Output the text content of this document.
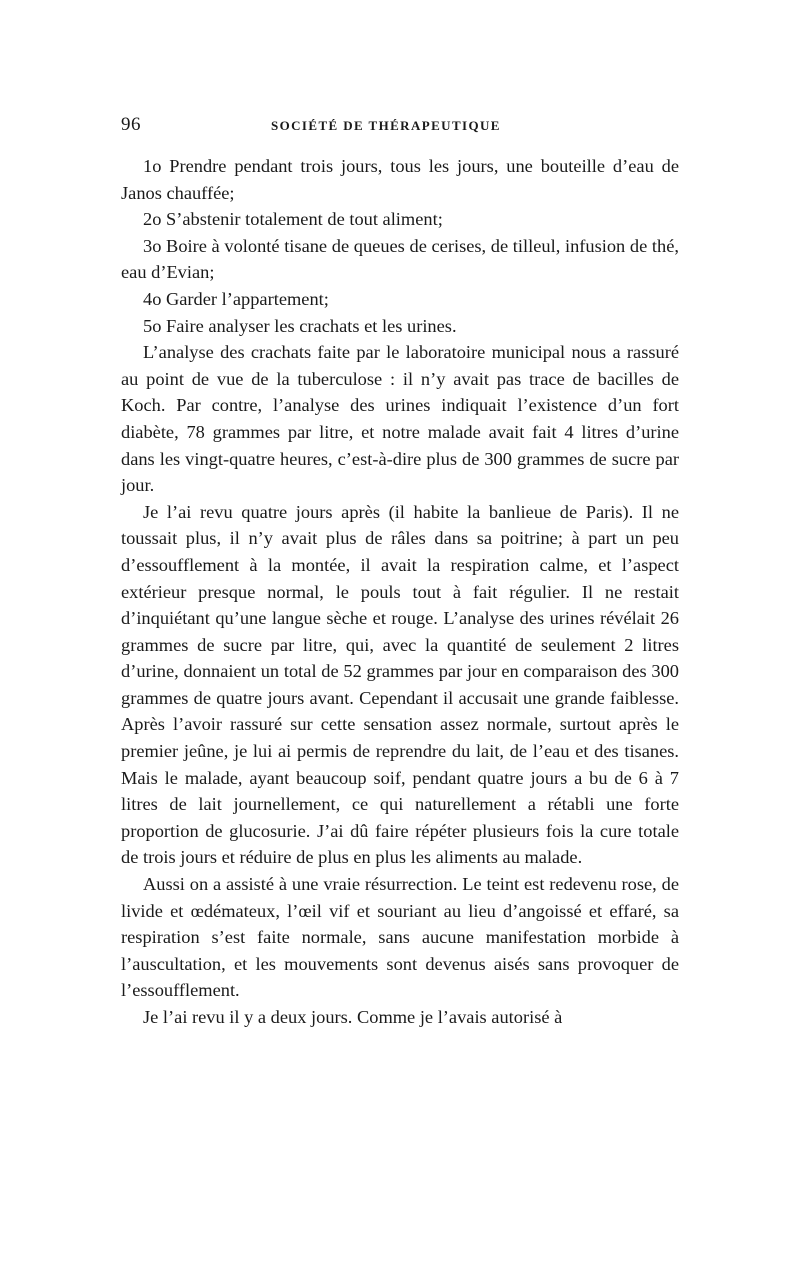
96	SOCIÉTÉ DE THÉRAPEUTIQUE

1o Prendre pendant trois jours, tous les jours, une bouteille d’eau de Janos chauffée;

2o S’abstenir totalement de tout aliment;

3o Boire à volonté tisane de queues de cerises, de tilleul, infusion de thé, eau d’Evian;

4o Garder l’appartement;

5o Faire analyser les crachats et les urines.

L’analyse des crachats faite par le laboratoire municipal nous a rassuré au point de vue de la tuberculose : il n’y avait pas trace de bacilles de Koch. Par contre, l’analyse des urines indiquait l’existence d’un fort diabète, 78 grammes par litre, et notre malade avait fait 4 litres d’urine dans les vingt-quatre heures, c’est-à-dire plus de 300 grammes de sucre par jour.

Je l’ai revu quatre jours après (il habite la banlieue de Paris). Il ne toussait plus, il n’y avait plus de râles dans sa poitrine; à part un peu d’essoufflement à la montée, il avait la respiration calme, et l’aspect extérieur presque normal, le pouls tout à fait régulier. Il ne restait d’inquiétant qu’une langue sèche et rouge. L’analyse des urines révélait 26 grammes de sucre par litre, qui, avec la quantité de seulement 2 litres d’urine, donnaient un total de 52 grammes par jour en comparaison des 300 grammes de quatre jours avant. Cependant il accusait une grande faiblesse. Après l’avoir rassuré sur cette sensation assez normale, surtout après le premier jeûne, je lui ai permis de reprendre du lait, de l’eau et des tisanes. Mais le malade, ayant beaucoup soif, pendant quatre jours a bu de 6 à 7 litres de lait journellement, ce qui naturellement a rétabli une forte proportion de glucosurie. J’ai dû faire répéter plusieurs fois la cure totale de trois jours et réduire de plus en plus les aliments au malade.

Aussi on a assisté à une vraie résurrection. Le teint est redevenu rose, de livide et œdémateux, l’œil vif et souriant au lieu d’angoissé et effaré, sa respiration s’est faite normale, sans aucune manifestation morbide à l’auscultation, et les mouvements sont devenus aisés sans provoquer de l’essoufflement.

Je l’ai revu il y a deux jours. Comme je l’avais autorisé à
